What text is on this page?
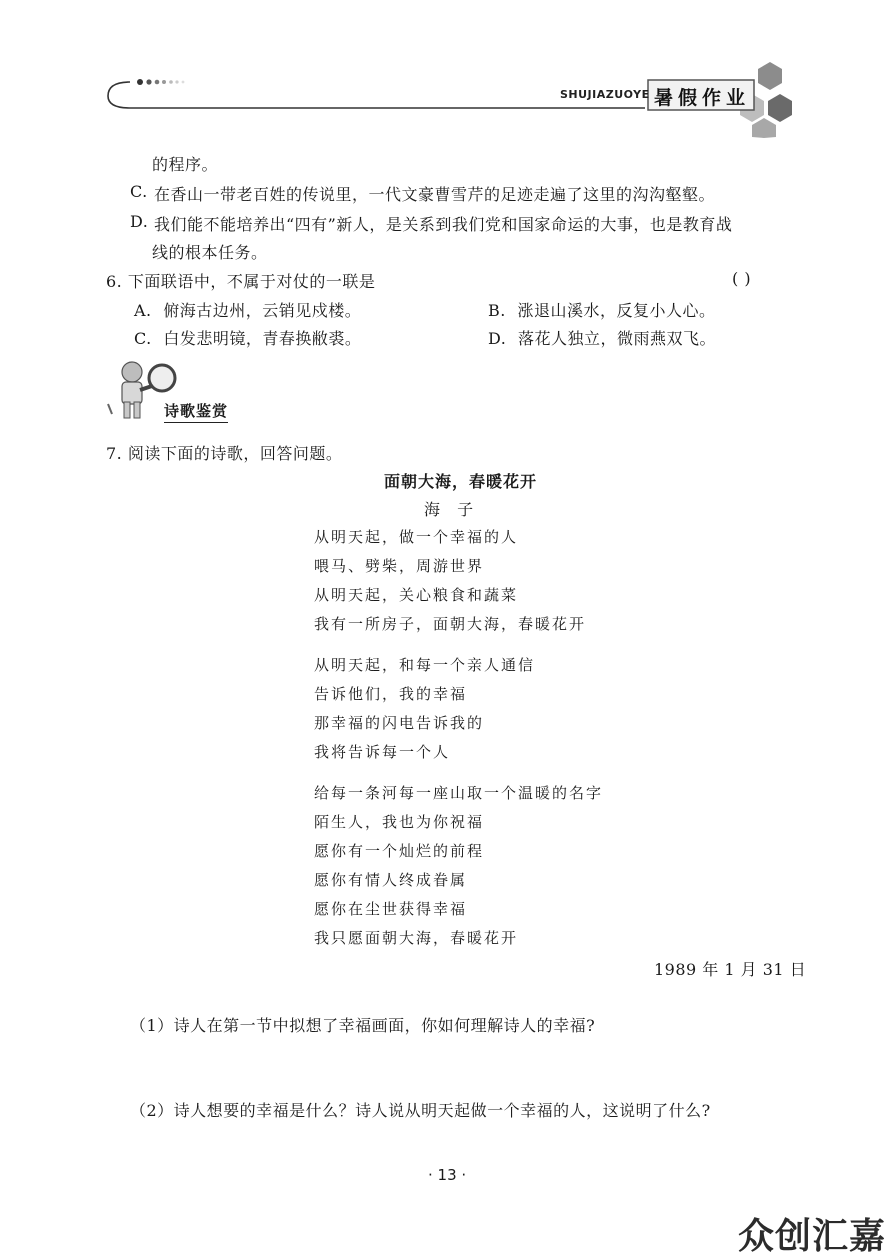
SHUJIAZUOYE 暑假作业
的程序。
C. 在香山一带老百姓的传说里，一代文豪曹雪芹的足迹走遍了这里的沟沟壑壑。
D. 我们能不能培养出“四有”新人，是关系到我们党和国家命运的大事，也是教育战
线的根本任务。
6. 下面联语中，不属于对仗的一联是	( )
A. 俯海古边州，云销见戍楼。	B. 涨退山溪水，反复小人心。
C. 白发悲明镜，青春换敝裘。	D. 落花人独立，微雨燕双飞。
诗歌鉴赏
7. 阅读下面的诗歌，回答问题。
面朝大海，春暖花开
海 子
从明天起，做一个幸福的人
喂马、劈柴，周游世界
从明天起，关心粮食和蔬菜
我有一所房子，面朝大海，春暖花开
从明天起，和每一个亲人通信
告诉他们，我的幸福
那幸福的闪电告诉我的
我将告诉每一个人
给每一条河每一座山取一个温暖的名字
陌生人，我也为你祝福
愿你有一个灿烂的前程
愿你有情人终成眷属
愿你在尘世获得幸福
我只愿面朝大海，春暖花开
1989 年 1 月 31 日
（1）诗人在第一节中拟想了幸福画面，你如何理解诗人的幸福?
（2）诗人想要的幸福是什么？诗人说从明天起做一个幸福的人，这说明了什么?
· 13 ·
众创汇嘉
